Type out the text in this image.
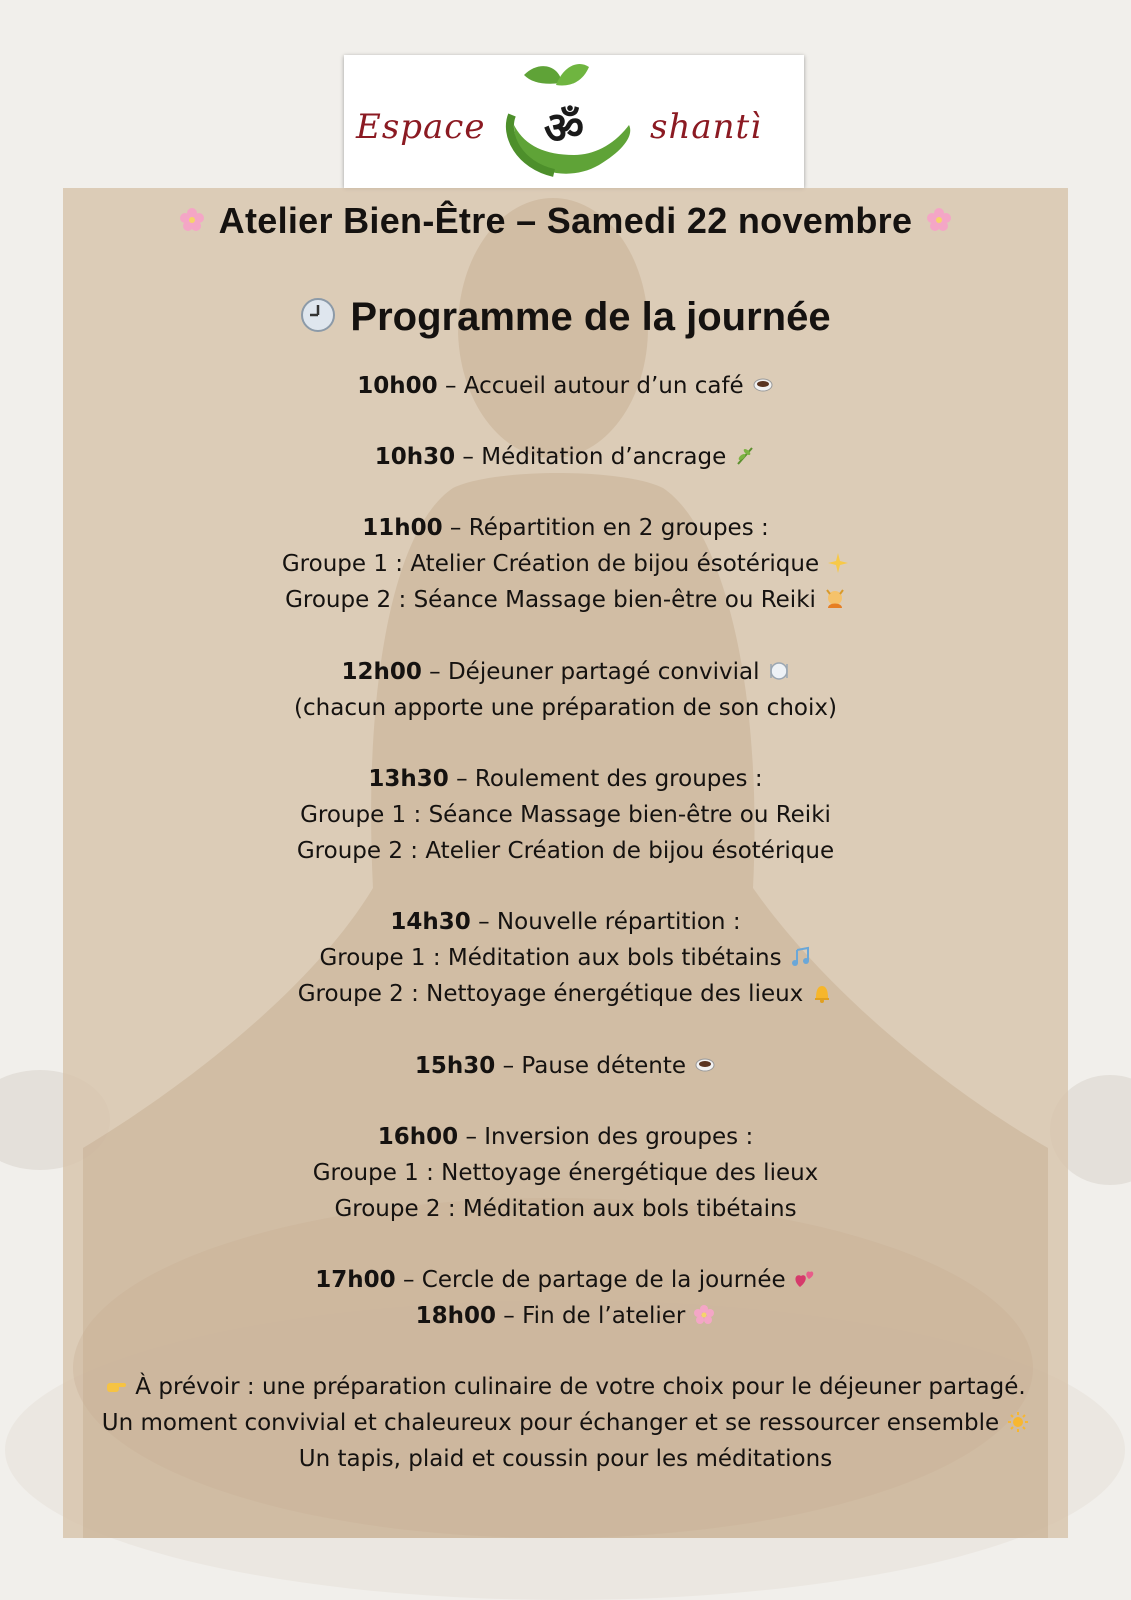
Espace ॐ shantì
Atelier Bien-Être – Samedi 22 novembre
Programme de la journée
10h00 – Accueil autour d’un café
10h30 – Méditation d’ancrage
11h00 – Répartition en 2 groupes :
Groupe 1 : Atelier Création de bijou ésotérique
Groupe 2 : Séance Massage bien-être ou Reiki
12h00 – Déjeuner partagé convivial
(chacun apporte une préparation de son choix)
13h30 – Roulement des groupes :
Groupe 1 : Séance Massage bien-être ou Reiki
Groupe 2 : Atelier Création de bijou ésotérique
14h30 – Nouvelle répartition :
Groupe 1 : Méditation aux bols tibétains
Groupe 2 : Nettoyage énergétique des lieux
15h30 – Pause détente
16h00 – Inversion des groupes :
Groupe 1 : Nettoyage énergétique des lieux
Groupe 2 : Méditation aux bols tibétains
17h00 – Cercle de partage de la journée
18h00 – Fin de l’atelier
À prévoir : une préparation culinaire de votre choix pour le déjeuner partagé.
Un moment convivial et chaleureux pour échanger et se ressourcer ensemble
Un tapis, plaid et coussin pour les méditations
